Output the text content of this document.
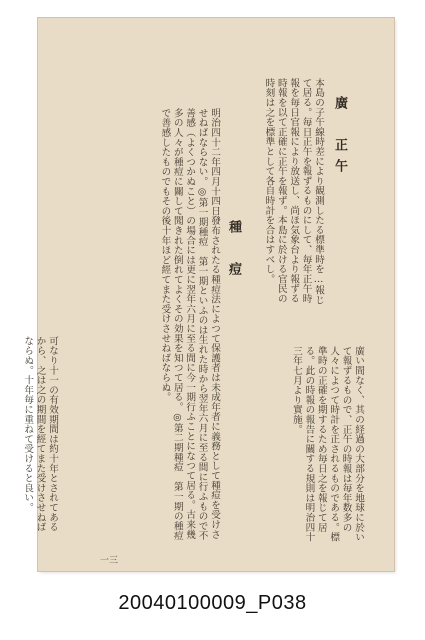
廣　正午
本島の子午線時差により観測したる標準時を…報じて居る。毎日正午を報ずるものにして、毎年正午時報を毎日官報により放送し、尚ほ気象台より報ずる時報を以て正確に正午を報ず。本島に於ける官民の時刻は之を標準として各自時計を合はすべし。
種　痘
明治四十二年四月十四日發布されたる種痘法によつて保護者は未成年者に義務として種痘を受けさせねばならない。◎第一期種痘　第一期といふのは生れた時から翌年六月に至る間に行ふもので不善感（よくつかぬこと）の場合には更に翌年六月に至る間に今一期行ふことになつて居る。古来幾多の人々が種痘に關して聞きれた倒れてよくその効果を知つて居る。◎第二期種痘　第一期の種痘で善感したものでもその後十年ほど經てまた受けさせねばならぬ。
廣い間なく、其の経過の大部分を地球に於いて報ずるもので、正午の時報は毎年数多の人々によつて時計を正されるものである。標準時の正確を期するため毎日之を報じて居る。此の時報の報告に關する規則は明治四十三年七月より實施。
可なり十一の有效期間は約十年とされてあるから、之は之の期間を經てまた受けさせねばならぬ。十年毎に重ねて受けると良い。
一三
20040100009_P038
